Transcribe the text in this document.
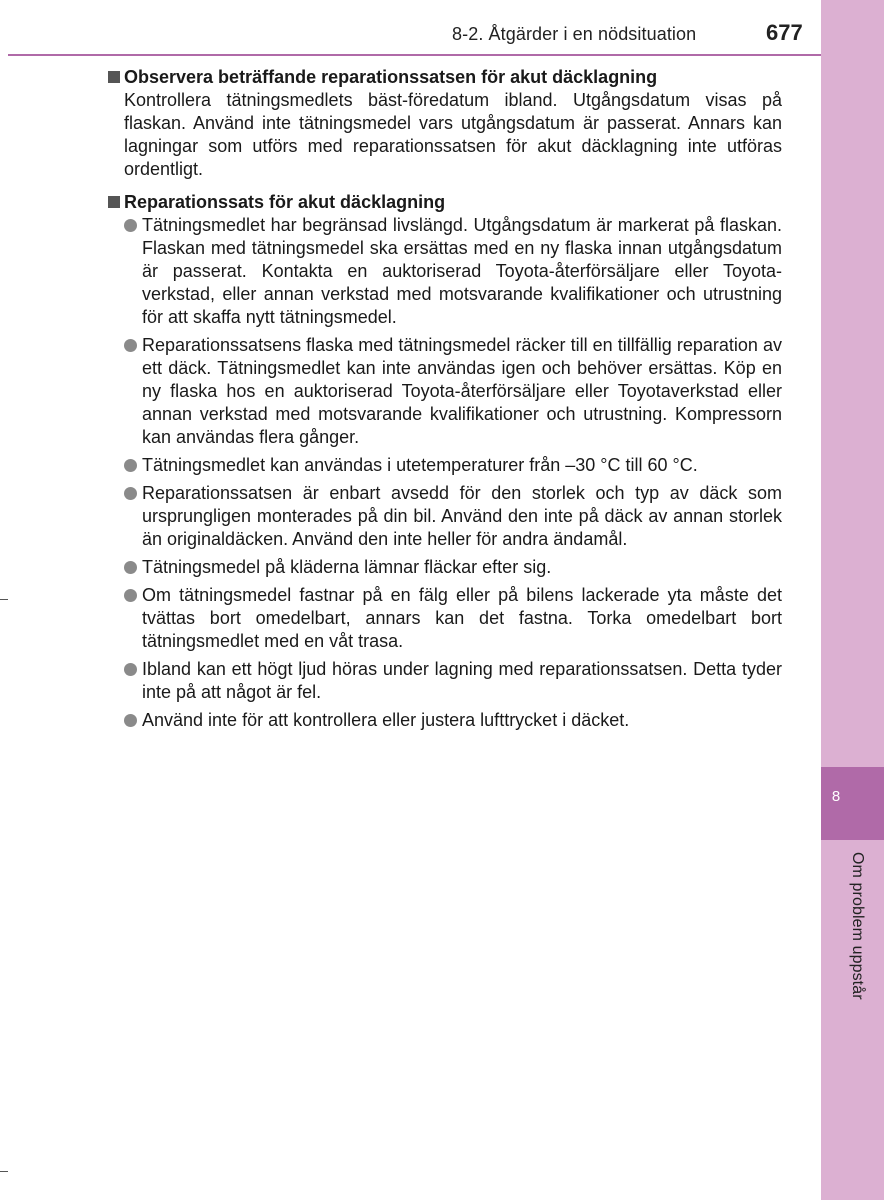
8
Om problem uppstår
8-2. Åtgärder i en nödsituation	677

Observera beträffande reparationssatsen för akut däcklagning

Kontrollera tätningsmedlets bäst-föredatum ibland. Utgångsdatum visas på flaskan. Använd inte tätningsmedel vars utgångsdatum är passerat. Annars kan lagningar som utförs med reparationssatsen för akut däcklagning inte utföras ordentligt.

Reparationssats för akut däcklagning

Tätningsmedlet har begränsad livslängd. Utgångsdatum är markerat på flaskan. Flaskan med tätningsmedel ska ersättas med en ny flaska innan utgångsdatum är passerat. Kontakta en auktoriserad Toyota-återförsäljare eller Toyota-verkstad, eller annan verkstad med motsvarande kvalifikationer och utrustning för att skaffa nytt tätningsmedel.
Reparationssatsens flaska med tätningsmedel räcker till en tillfällig reparation av ett däck. Tätningsmedlet kan inte användas igen och behöver ersättas. Köp en ny flaska hos en auktoriserad Toyota-återförsäljare eller Toyotaverkstad eller annan verkstad med motsvarande kvalifikationer och utrustning. Kompressorn kan användas flera gånger.
Tätningsmedlet kan användas i utetemperaturer från –30 °C till 60 °C.
Reparationssatsen är enbart avsedd för den storlek och typ av däck som ursprungligen monterades på din bil. Använd den inte på däck av annan storlek än originaldäcken. Använd den inte heller för andra ändamål.
Tätningsmedel på kläderna lämnar fläckar efter sig.
Om tätningsmedel fastnar på en fälg eller på bilens lackerade yta måste det tvättas bort omedelbart, annars kan det fastna. Torka omedelbart bort tätningsmedlet med en våt trasa.
Ibland kan ett högt ljud höras under lagning med reparationssatsen. Detta tyder inte på att något är fel.
Använd inte för att kontrollera eller justera lufttrycket i däcket.
